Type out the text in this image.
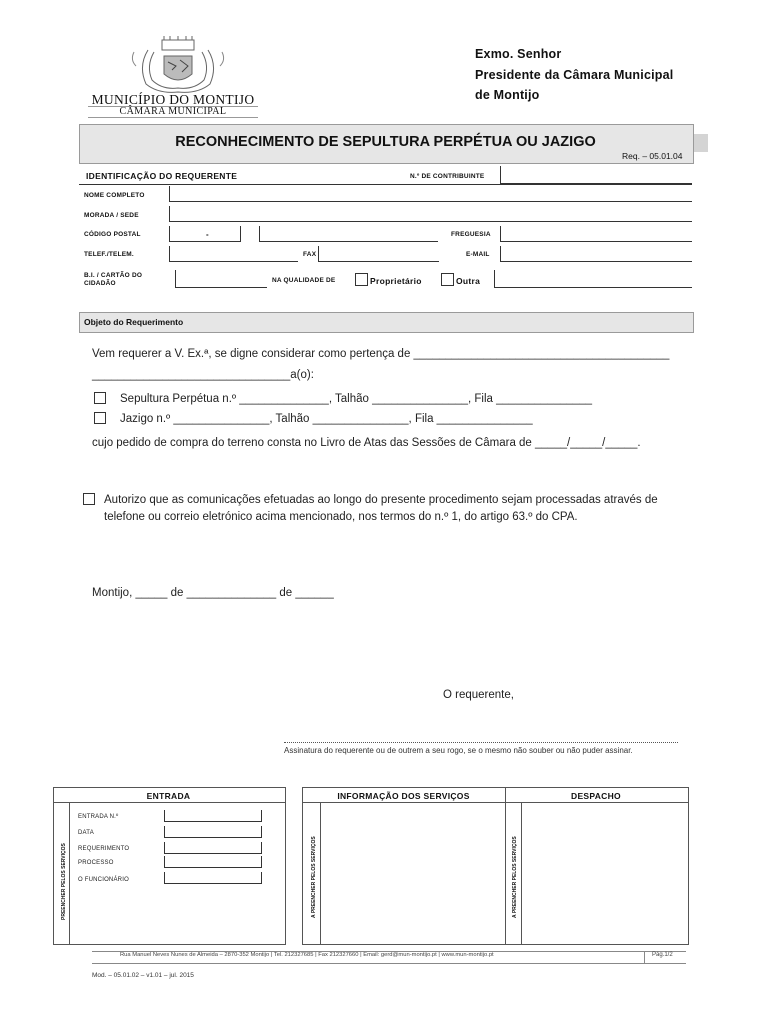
MUNICÍPIO DO MONTIJO
CÂMARA MUNICIPAL
Exmo. Senhor
Presidente da Câmara Municipal
de Montijo
RECONHECIMENTO DE SEPULTURA PERPÉTUA OU JAZIGO
Req. – 05.01.04
IDENTIFICAÇÃO DO REQUERENTE	N.º DE CONTRIBUINTE
NOME COMPLETO
MORADA / SEDE
CÓDIGO POSTAL	-	FREGUESIA
TELEF./TELEM.	FAX	E-MAIL
B.I. / CARTÃO DO
CIDADÃO	NA QUALIDADE DE	Proprietário	Outra
Objeto do Requerimento
Vem requerer a V. Ex.ª, se digne considerar como pertença de ________________________________________
_______________________________a(o):
Sepultura Perpétua n.º ______________, Talhão _______________, Fila _______________
Jazigo n.º _______________, Talhão _______________, Fila _______________
cujo pedido de compra do terreno consta no Livro de Atas das Sessões de Câmara de _____/_____/_____.
Autorizo que as comunicações efetuadas ao longo do presente procedimento sejam processadas através de
telefone ou correio eletrónico acima mencionado, nos termos do n.º 1, do artigo 63.º do CPA.
Montijo, _____ de ______________ de ______
O requerente,
Assinatura do requerente ou de outrem a seu rogo, se o mesmo não souber ou não puder assinar.
ENTRADA
PREENCHER PELOS SERVIÇOS
ENTRADA N.º
DATA
REQUERIMENTO
PROCESSO
O FUNCIONÁRIO
INFORMAÇÃO DOS SERVIÇOS	DESPACHO
A PREENCHER PELOS SERVIÇOS	A PREENCHER PELOS SERVIÇOS
Rua Manuel Neves Nunes de Almeida – 2870-352 Montijo | Tel. 212327685 | Fax 212327660 | Email: gerd@mun-montijo.pt | www.mun-montijo.pt	Pág.1/2
Mod. – 05.01.02 – v1.01 – jul. 2015
